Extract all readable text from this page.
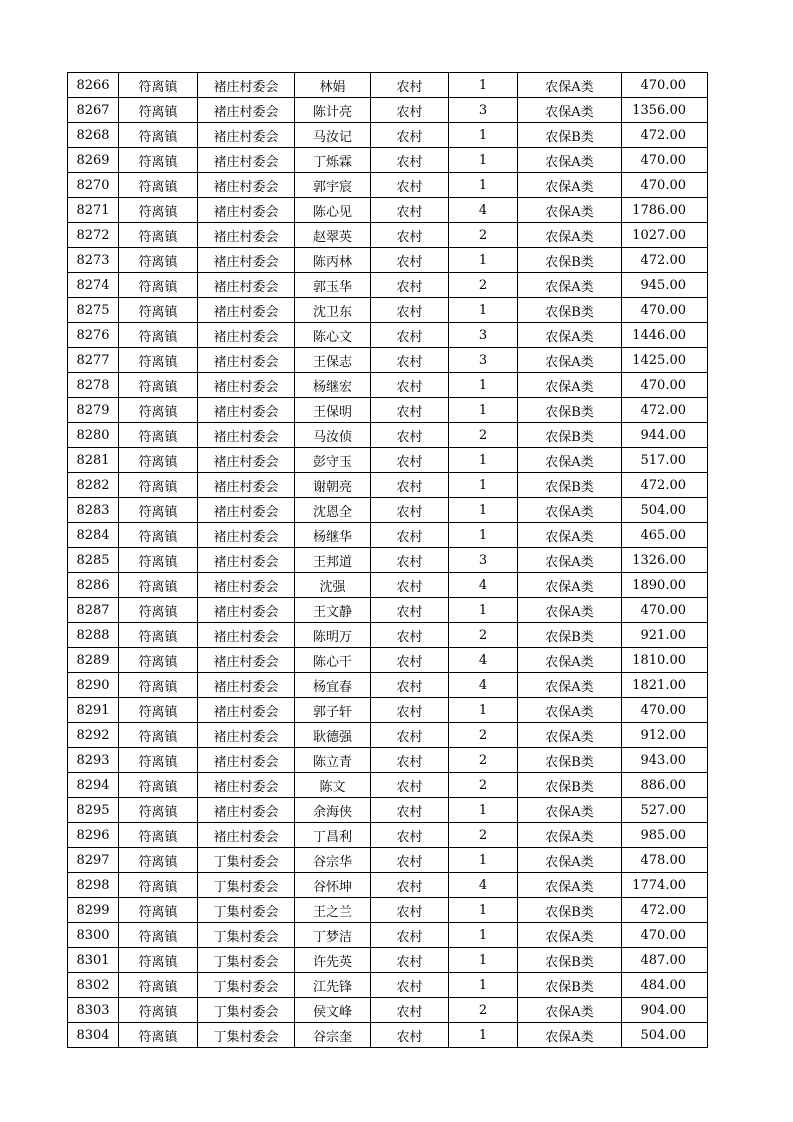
8266	符离镇	褚庄村委会	林娟	农村	1	农保A类	470.00
8267	符离镇	褚庄村委会	陈计亮	农村	3	农保A类	1356.00
8268	符离镇	褚庄村委会	马汝记	农村	1	农保B类	472.00
8269	符离镇	褚庄村委会	丁烁霖	农村	1	农保A类	470.00
8270	符离镇	褚庄村委会	郭宇宸	农村	1	农保A类	470.00
8271	符离镇	褚庄村委会	陈心见	农村	4	农保A类	1786.00
8272	符离镇	褚庄村委会	赵翠英	农村	2	农保A类	1027.00
8273	符离镇	褚庄村委会	陈丙林	农村	1	农保B类	472.00
8274	符离镇	褚庄村委会	郭玉华	农村	2	农保A类	945.00
8275	符离镇	褚庄村委会	沈卫东	农村	1	农保B类	470.00
8276	符离镇	褚庄村委会	陈心文	农村	3	农保A类	1446.00
8277	符离镇	褚庄村委会	王保志	农村	3	农保A类	1425.00
8278	符离镇	褚庄村委会	杨继宏	农村	1	农保A类	470.00
8279	符离镇	褚庄村委会	王保明	农村	1	农保B类	472.00
8280	符离镇	褚庄村委会	马汝侦	农村	2	农保B类	944.00
8281	符离镇	褚庄村委会	彭守玉	农村	1	农保A类	517.00
8282	符离镇	褚庄村委会	谢朝亮	农村	1	农保B类	472.00
8283	符离镇	褚庄村委会	沈恩全	农村	1	农保A类	504.00
8284	符离镇	褚庄村委会	杨继华	农村	1	农保A类	465.00
8285	符离镇	褚庄村委会	王邦道	农村	3	农保A类	1326.00
8286	符离镇	褚庄村委会	沈强	农村	4	农保A类	1890.00
8287	符离镇	褚庄村委会	王文静	农村	1	农保A类	470.00
8288	符离镇	褚庄村委会	陈明万	农村	2	农保B类	921.00
8289	符离镇	褚庄村委会	陈心干	农村	4	农保A类	1810.00
8290	符离镇	褚庄村委会	杨宜春	农村	4	农保A类	1821.00
8291	符离镇	褚庄村委会	郭子轩	农村	1	农保A类	470.00
8292	符离镇	褚庄村委会	耿德强	农村	2	农保A类	912.00
8293	符离镇	褚庄村委会	陈立青	农村	2	农保B类	943.00
8294	符离镇	褚庄村委会	陈文	农村	2	农保B类	886.00
8295	符离镇	褚庄村委会	余海侠	农村	1	农保A类	527.00
8296	符离镇	褚庄村委会	丁昌利	农村	2	农保A类	985.00
8297	符离镇	丁集村委会	谷宗华	农村	1	农保A类	478.00
8298	符离镇	丁集村委会	谷怀坤	农村	4	农保A类	1774.00
8299	符离镇	丁集村委会	王之兰	农村	1	农保B类	472.00
8300	符离镇	丁集村委会	丁梦洁	农村	1	农保A类	470.00
8301	符离镇	丁集村委会	许先英	农村	1	农保B类	487.00
8302	符离镇	丁集村委会	江先锋	农村	1	农保B类	484.00
8303	符离镇	丁集村委会	侯文峰	农村	2	农保A类	904.00
8304	符离镇	丁集村委会	谷宗奎	农村	1	农保A类	504.00
